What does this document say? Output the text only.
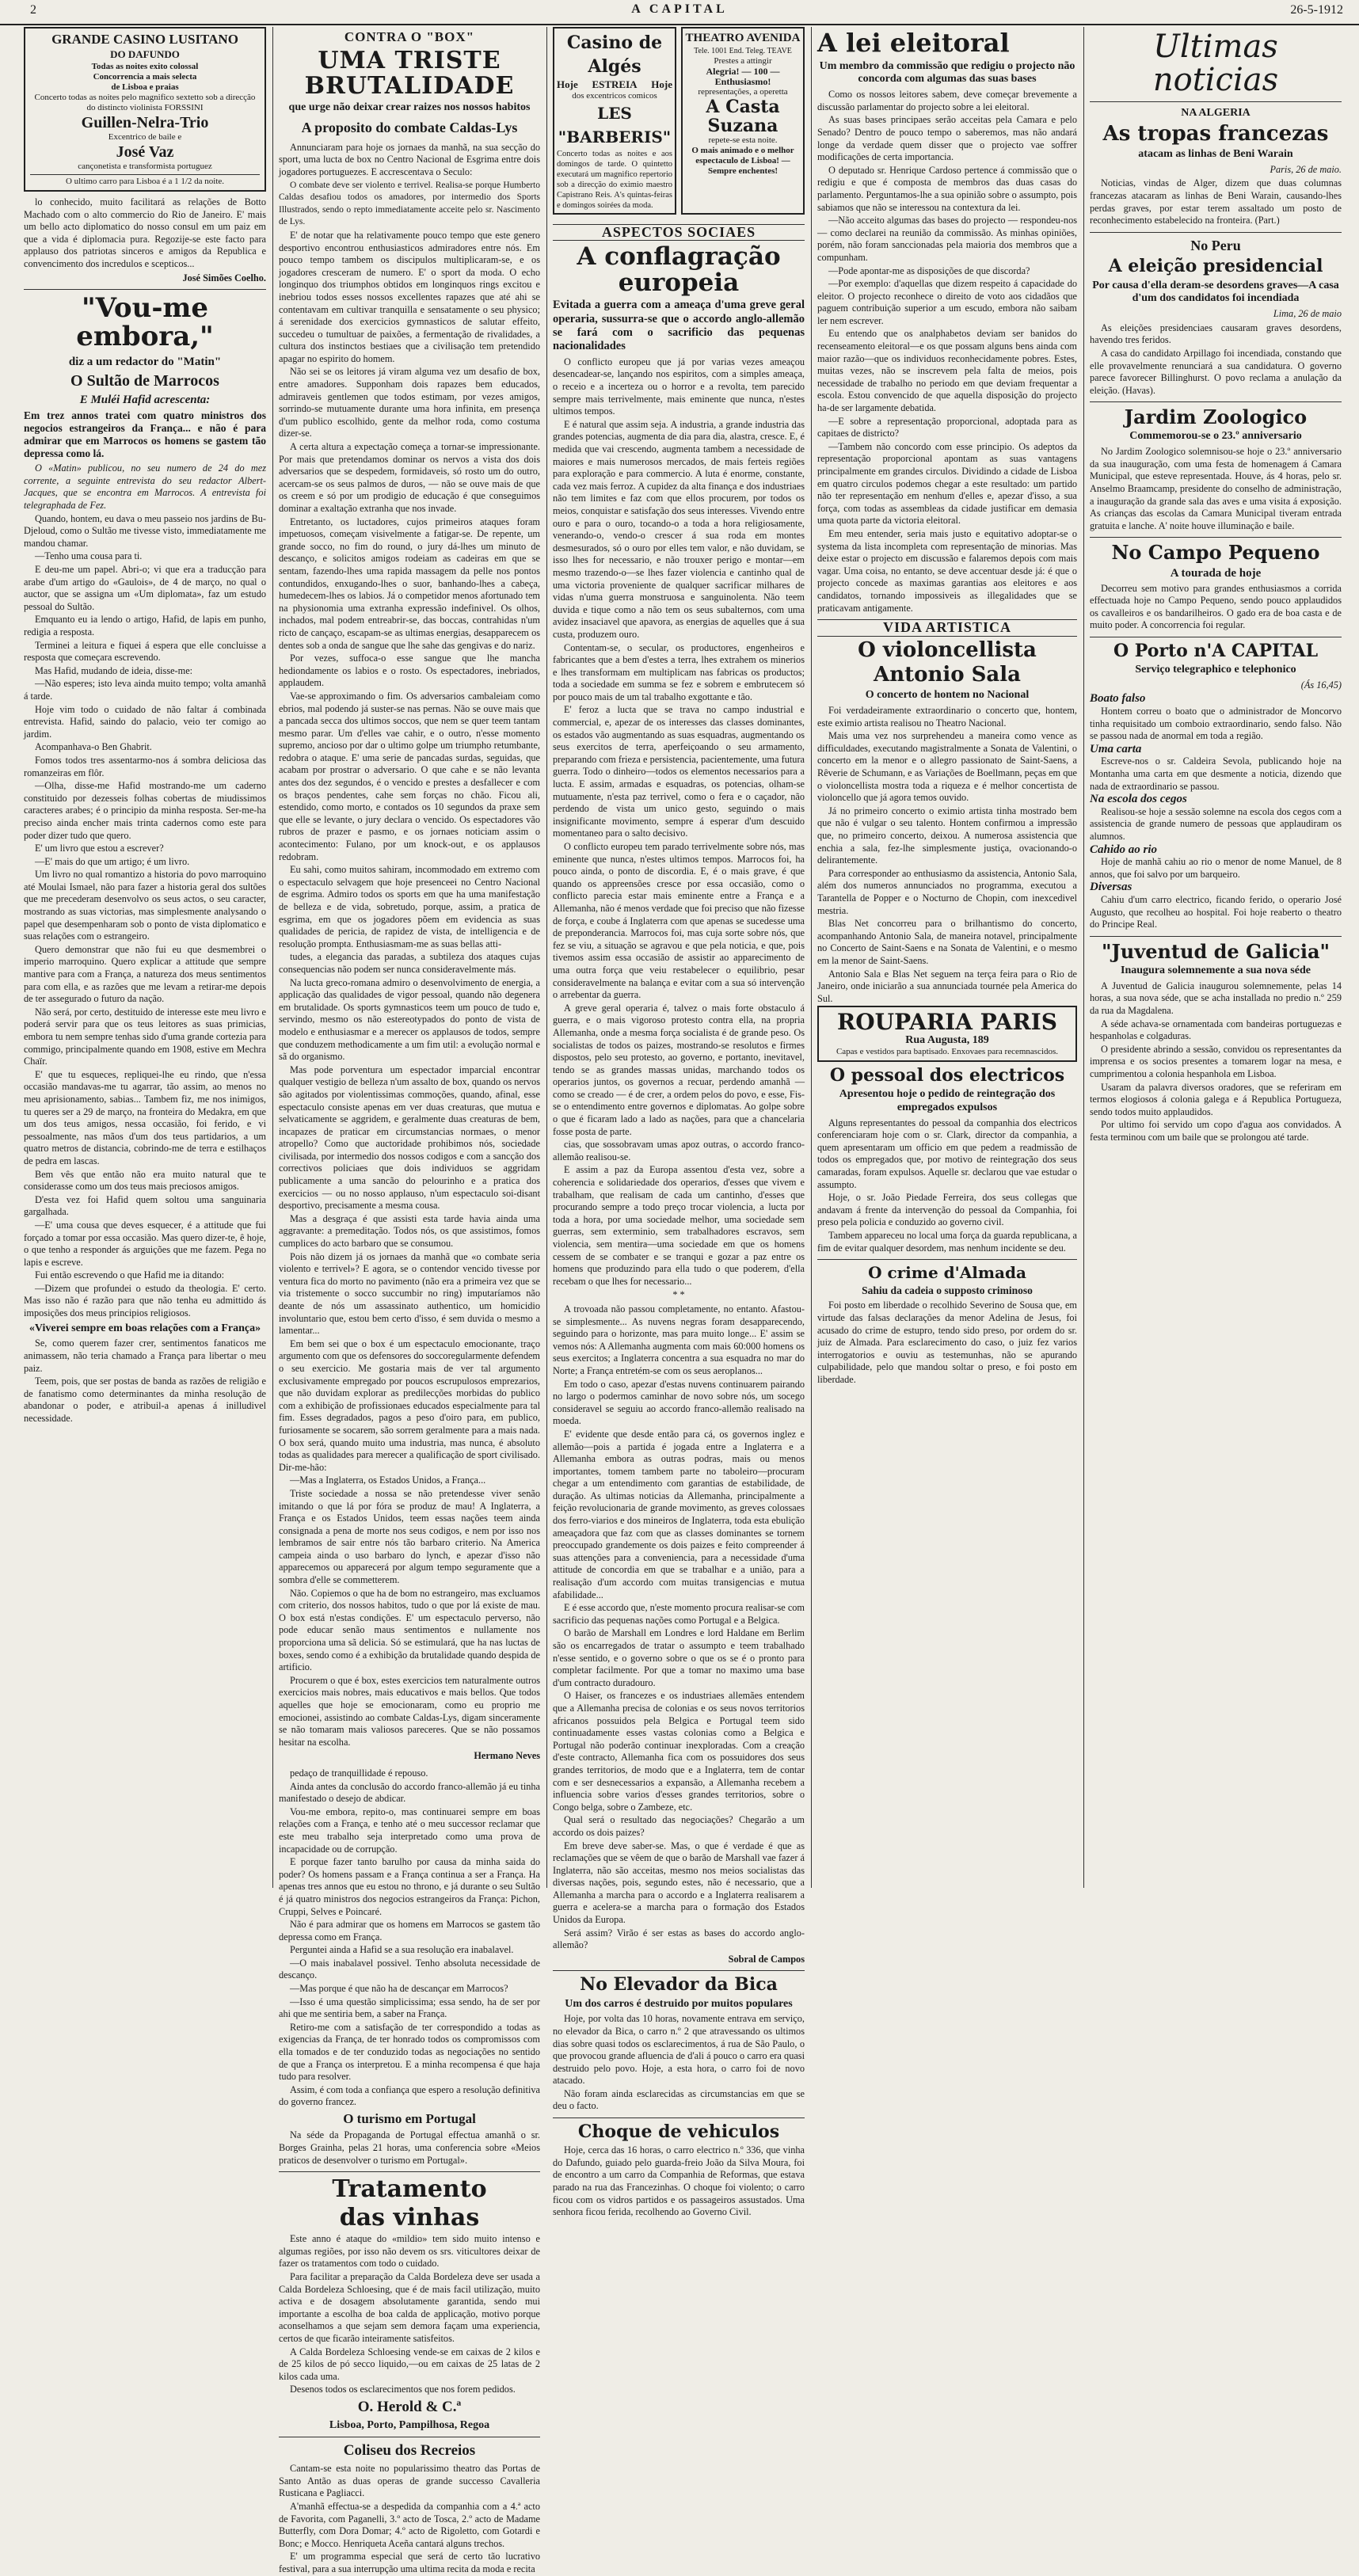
2	A CAPITAL	26-5-1912
GRANDE CASINO LUSITANO
DO DAFUNDO
Todas as noites exito colossal
Concorrencia a mais selecta
de Lisboa e praias
Concerto todas as noites pelo magnifico sextetto sob a direcção do distincto violinista FORSSINI
Guillen-Nelra-Trio
Excentrico de baile e
José Vaz
cançonetista e transformista portuguez
O ultimo carro para Lisboa é a 1 1/2 da noite.

lo conhecido, muito facilitará as relações de Botto Machado com o alto commercio do Rio de Janeiro. E' mais um bello acto diplomatico do nosso consul em um paiz em que a vida é diplomacia pura. Regozije-se este facto para applauso dos patriotas sinceros e amigos da Republica e convencimento dos incredulos e scepticos...

José Simões Coelho.
"Vou-me embora,"
diz a um redactor do "Matin"
O Sultão de Marrocos
E Muléi Hafid acrescenta:
Em trez annos tratei com quatro ministros dos negocios estrangeiros da França... e não é para admirar que em Marrocos os homens se gastem tão depressa como lá.

O «Matin» publicou, no seu numero de 24 do mez corrente, a seguinte entrevista do seu redactor Albert-Jacques, que se encontra em Marrocos. A entrevista foi telegraphada de Fez.

Quando, hontem, eu dava o meu passeio nos jardins de Bu-Djeloud, como o Sultão me tivesse visto, immediatamente me mandou chamar.

—Tenho uma cousa para ti.

E deu-me um papel. Abri-o; vi que era a traducção para arabe d'um artigo do «Gaulois», de 4 de março, no qual o auctor, que se assigna um «Um diplomata», faz um estudo pessoal do Sultão.

Emquanto eu ia lendo o artigo, Hafid, de lapis em punho, redigia a resposta.

Terminei a leitura e fiquei á espera que elle concluisse a resposta que começara escrevendo.

Mas Hafid, mudando de ideia, disse-me:

—Não esperes; isto leva ainda muito tempo; volta amanhã á tarde.

Hoje vim todo o cuidado de não faltar á combinada entrevista. Hafid, saindo do palacio, veio ter comigo ao jardim.

Acompanhava-o Ben Ghabrit.

Fomos todos tres assentarmo-nos á sombra deliciosa das romanzeiras em flôr.

—Olha, disse-me Hafid mostrando-me um caderno constituido por dezesseis folhas cobertas de miudissimos caracteres arabes; é o principio da minha resposta. Ser-me-ha preciso ainda encher mais trinta cadernos como este para poder dizer tudo que quero.

E' um livro que estou a escrever?

—E' mais do que um artigo; é um livro.

Um livro no qual romantizo a historia do povo marroquino até Moulai Ismael, não para fazer a historia geral dos sultões que me precederam desenvolvo os seus actos, o seu caracter, mostrando as suas victorias, mas simplesmente analysando o papel que desempenharam sob o ponto de vista diplomatico e suas relações com o estrangeiro.

Quero demonstrar que não fui eu que desmembrei o imperio marroquino. Quero explicar a attitude que sempre mantive para com a França, a natureza dos meus sentimentos para com ella, e as razões que me levam a retirar-me depois de ter assegurado o futuro da nação.

Não será, por certo, destituido de interesse este meu livro e poderá servir para que os teus leitores as suas primicias, embora tu nem sempre tenhas sido d'uma grande cortezia para commigo, principalmente quando em 1908, estive em Mechra Chaïr.

E' que tu esqueces, repliquei-lhe eu rindo, que n'essa occasião mandavas-me tu agarrar, tão assim, ao menos no meu aprisionamento, sabias... Tambem fiz, me nos inimigos, tu queres ser a 29 de março, na fronteira do Medakra, em que um dos teus amigos, nessa occasião, foi ferido, e vi pessoalmente, nas mãos d'um dos teus partidarios, a um quatro metros de distancia, cobrindo-me de terra e estilhaços de pedra em lascas.

Bem vês que então não era muito natural que te considerasse como um dos teus mais preciosos amigos.

D'esta vez foi Hafid quem soltou uma sanguinaria gargalhada.

—E' uma cousa que deves esquecer, é a attitude que fui forçado a tomar por essa occasião. Mas quero dizer-te, ê hoje, o que tenho a responder ás arguições que me fazem. Pega no lapis e escreve.

Fui então escrevendo o que Hafid me ia ditando:

—Dizem que profundei o estudo da theologia. E' certo. Mas isso não é razão para que não tenha eu admittido ás imposições dos meus principios religiosos.

«Viverei sempre em boas relações com a França»

Se, como querem fazer crer, sentimentos fanaticos me animassem, não teria chamado a França para libertar o meu paiz.

Teem, pois, que ser postas de banda as razões de religião e de fanatismo como determinantes da minha resolução de abandonar o poder, e atribuil-a apenas á inilludivel necessidade.

CONTRA O "BOX"
UMA TRISTE BRUTALIDADE
que urge não deixar crear raizes nos nossos habitos
A proposito do combate Caldas-Lys

Annunciaram para hoje os jornaes da manhã, na sua secção do sport, uma lucta de box no Centro Nacional de Esgrima entre dois jogadores portuguezes. E accrescentava o Seculo:

O combate deve ser violento e terrivel. Realisa-se porque Humberto Caldas desafiou todos os amadores, por intermedio dos Sports Illustrados, sendo o repto immediatamente acceite pelo sr. Nascimento de Lys.

E' de notar que ha relativamente pouco tempo que este genero desportivo encontrou enthusiasticos admiradores entre nós. Em pouco tempo tambem os discipulos multiplicaram-se, e os jogadores cresceram de numero. E' o sport da moda. O echo longinquo dos triumphos obtidos em longinquos rings excitou e inebriou todos esses nossos excellentes rapazes que até ahi se contentavam em cultivar tranquilla e sensatamente o seu physico; á serenidade dos exercicios gymnasticos de salutar effeito, succedeu o tumultuar de paixões, a fermentação de rivalidades, a cultura dos instinctos bestiaes que a civilisação tem pretendido apagar no espirito do homem.

Não sei se os leitores já viram alguma vez um desafio de box, entre amadores. Supponham dois rapazes bem educados, admiraveis gentlemen que todos estimam, por vezes amigos, sorrindo-se mutuamente durante uma hora infinita, em presença d'um publico escolhido, gente da melhor roda, como costuma dizer-se.

A certa altura a expectação começa a tornar-se impressionante. Por mais que pretendamos dominar os nervos a vista dos dois adversarios que se despedem, formidaveis, só rosto um do outro, acercam-se os seus palmos de duros, — não se ouve mais de que os creem e só por um prodigio de educação é que conseguimos dominar a exaltação extranha que nos invade.

Entretanto, os luctadores, cujos primeiros ataques foram impetuosos, começam visivelmente a fatigar-se. De repente, um grande socco, no fim do round, o jury dá-lhes um minuto de descanço, e solicitos amigos rodeiam as cadeiras em que se sentam, fazendo-lhes uma rapida massagem da pelle nos pontos contundidos, enxugando-lhes o suor, banhando-lhes a cabeça, humedecem-lhes os labios. Já o competidor menos afortunado tem na physionomia uma extranha expressão indefinivel. Os olhos, inchados, mal podem entreabrir-se, das boccas, contrahidas n'um ricto de cançaço, escapam-se as ultimas energias, desapparecem os dentes sob a onda de sangue que lhe sahe das gengivas e do nariz.

Por vezes, suffoca-o esse sangue que lhe mancha hediondamente os labios e o rosto. Os espectadores, inebriados, applaudem.

Vae-se approximando o fim. Os adversarios cambaleiam como ebrios, mal podendo já suster-se nas pernas. Não se ouve mais que a pancada secca dos ultimos soccos, que nem se quer teem tantam mesmo parar. Um d'elles vae cahir, e o outro, n'esse momento supremo, ancioso por dar o ultimo golpe um triumpho retumbante, redobra o ataque. E' uma serie de pancadas surdas, seguidas, que acabam por prostrar o adversario. O que cahe e se não levanta antes dos dez segundos, é o vencido e prestes a desfallecer e com os braços pendentes, cahe sem forças no chão. Ficou ali, estendido, como morto, e contados os 10 segundos da praxe sem que elle se levante, o jury declara o vencido. Os espectadores vão rubros de prazer e pasmo, e os jornaes noticiam assim o acontecimento: Fulano, por um knock-out, e os applausos redobram.

Eu sahi, como muitos sahiram, incommodado em extremo com o espectaculo selvagem que hoje presenceei no Centro Nacional de esgrima. Admiro todos os sports em que ha uma manifestação de belleza e de vida, sobretudo, porque, assim, a pratica de esgrima, em que os jogadores põem em evidencia as suas qualidades de pericia, de rapidez de vista, de intelligencia e de resolução prompta. Enthusiasmam-me as suas bellas atti-

tudes, a elegancia das paradas, a subtileza dos ataques cujas consequencias não podem ser nunca consideravelmente más.

Na lucta greco-romana admiro o desenvolvimento de energia, a applicação das qualidades de vigor pessoal, quando não degenera em brutalidade. Os sports gymnasticos teem um pouco de tudo e, servindo, mesmo os não estereotypados do ponto de vista de modelo e enthusiasmar e a merecer os applausos de todos, sempre que conduzem methodicamente a um fim util: a evolução normal e sã do organismo.

Mas pode porventura um espectador imparcial encontrar qualquer vestigio de belleza n'um assalto de box, quando os nervos são agitados por violentissimas commoções, quando, afinal, esse espectaculo consiste apenas em ver duas creaturas, que mutua e selvaticamente se aggridem, e geralmente duas creaturas de bem, incapazes de praticar em circumstancias normaes, o menor atropello? Como que auctoridade prohibimos nós, sociedade civilisada, por intermedio dos nossos codigos e com a sancção dos correctivos policiaes que dois individuos se aggridam publicamente a uma sancão do pelourinho e a pratica dos exercicios — ou no nosso applauso, n'um espectaculo soi-disant desportivo, precisamente a mesma cousa.

Mas a desgraça é que assisti esta tarde havia ainda uma aggravante: a premeditação. Todos nós, os que assistimos, fomos cumplices do acto barbaro que se consumou.

Pois não dizem já os jornaes da manhã que «o combate seria violento e terrivel»? E agora, se o contendor vencido tivesse por ventura fica do morto no pavimento (não era a primeira vez que se via tristemente o socco succumbir no ring) imputaríamos não deante de nós um assassinato authentico, um homicidio involuntario que, estou bem certo d'isso, é sem duvida o mesmo a lamentar...

Em bem sei que o box é um espectaculo emocionante, traço argumento com que os defensores do soccoregularmente defendem o seu exercicio. Me gostaria mais de ver tal argumento exclusivamente empregado por poucos escrupulosos emprezarios, que não duvidam explorar as predilecções morbidas do publico com a exhibição de profissionaes educados especialmente para tal fim. Esses degradados, pagos a peso d'oiro para, em publico, furiosamente se socarem, são sorrem geralmente para a mais nada. O box será, quando muito uma industria, mas nunca, é absoluto todas as qualidades para merecer a qualificação de sport civilisado. Dir-me-hão:

—Mas a Inglaterra, os Estados Unidos, a França...

Triste sociedade a nossa se não pretendesse viver senão imitando o que lá por fóra se produz de mau! A Inglaterra, a França e os Estados Unidos, teem essas nações teem ainda consignada a pena de morte nos seus codigos, e nem por isso nos lembramos de sair entre nós tão barbaro criterio. Na America campeia ainda o uso barbaro do lynch, e apezar d'isso não apparecemos ou apparecerá por algum tempo seguramente que a sombra d'elle se commetterem.

Não. Copiemos o que ha de bom no estrangeiro, mas excluamos com criterio, dos nossos habitos, tudo o que por lá existe de mau. O box está n'estas condições. E' um espectaculo perverso, não pode educar senão maus sentimentos e nullamente nos proporciona uma sã delicia. Só se estimulará, que ha nas luctas de boxes, sendo como é a exhibição da brutalidade quando despida de artificio.

Procurem o que é box, estes exercicios tem naturalmente outros exercicios mais nobres, mais educativos e mais bellos. Que todos aquelles que hoje se emocionaram, como eu proprio me emocionei, assistindo ao combate Caldas-Lys, digam sinceramente se não tomaram mais valiosos pareceres. Que se não possamos hesitar na escolha.

Hermano Neves

pedaço de tranquillidade é repouso.

Ainda antes da conclusão do accordo franco-allemão já eu tinha manifestado o desejo de abdicar.

Vou-me embora, repito-o, mas continuarei sempre em boas relações com a França, e tenho até o meu successor reclamar que este meu trabalho seja interpretado como uma prova de incapacidade ou de corrupção.

E porque fazer tanto barulho por causa da minha saida do poder? Os homens passam e a França continua a ser a França. Ha apenas tres annos que eu estou no throno, e já durante o seu Sultão é já quatro ministros dos negocios estrangeiros da França: Pichon, Cruppi, Selves e Poincaré.

Não é para admirar que os homens em Marrocos se gastem tão depressa como em França.

Perguntei ainda a Hafid se a sua resolução era inabalavel.

—O mais inabalavel possivel. Tenho absoluta necessidade de descanço.

—Mas porque é que não ha de descançar em Marrocos?

—Isso é uma questão simplicissima; essa sendo, ha de ser por ahi que me sentiria bem, a saber na França.

Retiro-me com a satisfação de ter correspondido a todas as exigencias da França, de ter honrado todos os compromissos com ella tomados e de ter conduzido todas as negociações no sentido de que a França os interpretou. E a minha recompensa é que haja tudo para resolver.

Assim, é com toda a confiança que espero a resolução definitiva do governo francez.

O turismo em Portugal

Na séde da Propaganda de Portugal effectua amanhã o sr. Borges Grainha, pelas 21 horas, uma conferencia sobre «Meios praticos de desenvolver o turismo em Portugal».

Tratamento
das vinhas

Este anno é ataque do «mildio» tem sido muito intenso e algumas regiões, por isso não devem os srs. viticultores deixar de fazer os tratamentos com todo o cuidado.

Para facilitar a preparação da Calda Bordeleza deve ser usada a Calda Bordeleza Schloesing, que é de mais facil utilização, muito activa e de dosagem absolutamente garantida, sendo mui importante a escolha de boa calda de applicação, motivo porque aconselhamos a que sejam sem demora façam uma experiencia, certos de que ficarão inteiramente satisfeitos.

A Calda Bordeleza Schloesing vende-se em caixas de 2 kilos e de 25 kilos de pó secco liquido,—ou em caixas de 25 latas de 2 kilos cada uma.

Desenos todos os esclarecimentos que nos forem pedidos.

O. Herold & C.ª
Lisboa, Porto, Pampilhosa, Regoa
Coliseu dos Recreios

Cantam-se esta noite no popularissimo theatro das Portas de Santo Antão as duas operas de grande successo Cavalleria Rusticana e Pagliacci.

A'manhã effectua-se a despedida da companhia com a 4.ª acto de Favorita, com Paganelli, 3.º acto de Tosca, 2.º acto de Madame Butterfly, com Dora Domar; 4.º acto de Rigoletto, com Gotardi e Bonc; e Mocco. Henriqueta Aceña cantará alguns trechos.

E' um programma especial que será de certo tão lucrativo festival, para a sua interrupção uma ultima recita da moda e recita

Casino de Algés
Hoje ESTREIA Hoje
dos excentricos comicos
LES "BARBERIS"
Concerto todas as noites e aos domingos de tarde. O quintetto executará um magnifico repertorio sob a direcção do eximio maestro Capistrano Reis. A's quintas-feiras e domingos soirées da moda.
THEATRO AVENIDA
Tele. 1001 End. Teleg. TEAVE
Prestes a attingir
Alegria! — 100 — Enthusiasmo!
representações, a operetta
A Casta
Suzana
repete-se esta noite.
O mais animado e o melhor espectaculo de Lisboa! —Sempre enchentes!
ASPECTOS SOCIAES
A conflagração europeia
Evitada a guerra com a ameaça d'uma greve geral operaria, sussurra-se que o accordo anglo-allemão se fará com o sacrificio das pequenas nacionalidades

O conflicto europeu que já por varias vezes ameaçou desencadear-se, lançando nos espiritos, com a simples ameaça, o receio e a incerteza ou o horror e a revolta, tem parecido sempre mais terrivelmente, mais eminente que nunca, n'estes ultimos tempos.

E é natural que assim seja. A industria, a grande industria das grandes potencias, augmenta de dia para dia, alastra, cresce. E, é medida que vai crescendo, augmenta tambem a necessidade de maiores e mais numerosos mercados, de mais ferteis regiões para exploração e para commercio. A luta é enorme, constante, cada vez mais ferroz. A cupidez da alta finança e dos industriaes não tem limites e faz com que ellos procurem, por todos os meios, conquistar e satisfação dos seus interesses. Vivendo entre ouro e para o ouro, tocando-o a toda a hora religiosamente, venerando-o, vendo-o crescer á sua roda em montes desmesurados, só o ouro por elles tem valor, e não duvidam, se isso lhes for necessario, e não trouxer perigo e montar—em mesmo trazendo-o—se lhes fazer violencia e cantinho qual de uma victoria proveniente de qualquer sacrificar milhares de vidas n'uma guerra monstruosa e sanguinolenta. Não teem duvida e tique como a não tem os seus subalternos, com uma avidez insaciavel que apavora, as energias de aquelles que á sua custa, produzem ouro.

Contentam-se, o secular, os productores, engenheiros e fabricantes que a bem d'estes a terra, lhes extrahem os minerios e lhes transformam em multiplicam nas fabricas os productos; toda a sociedade em summa se fez e sobrem e embrutecem só por pouco mais de um tal trabalho exgottante e tão.

E' feroz a lucta que se trava no campo industrial e commercial, e, apezar de os interesses das classes dominantes, os estados vão augmentando as suas esquadras, augmentando os seus exercitos de terra, aperfeiçoando o seu armamento, preparando com frieza e persistencia, pacientemente, uma futura guerra. Todo o dinheiro—todos os elementos necessarios para a lucta. E assim, armadas e esquadras, os potencias, olham-se mutuamente, n'esta paz terrivel, como o fera e o caçador, não perdendo de vista um unico gesto, seguindo o mais insignificante movimento, sempre á esperar d'um descuido momentaneo para o salto decisivo.

O conflicto europeu tem parado terrivelmente sobre nós, mas eminente que nunca, n'estes ultimos tempos. Marrocos foi, ha pouco ainda, o ponto de discordia. E, é o mais grave, é que quando os appreensões cresce por essa occasião, como o conflicto parecia estar mais eminente entre a França e a Allemanha, não é menos verdade que foi preciso que não fizesse de força, e coube á Inglaterra com que apenas se sucedesse uma de preponderancia. Marrocos foi, mas cuja sorte sobre nós, que fez se viu, a situação se agravou e que pela noticia, e que, pois tivemos assim essa occasião de assistir ao apparecimento de uma outra força que veiu restabelecer o equilibrio, pesar consideravelmente na balança e evitar com a sua só intervenção o arrebentar da guerra.

A greve geral operaria é, talvez o mais forte obstaculo á guerra, e o mais vigoroso protesto contra ella, na propria Allemanha, onde a mesma força socialista é de grande peso. Os socialistas de todos os paizes, mostrando-se resolutos e firmes dispostos, pelo seu protesto, ao governo, e portanto, inevitavel, tendo se as grandes massas unidas, marchando todos os operarios juntos, os governos a recuar, perdendo amanhã — como se creado — é de crer, a ordem pelos do povo, e esse, Fis-se o entendimento entre governos e diplomatas. Ao golpe sobre o que é ficaram lado a lado as nações, para que a chancelaria fosse posta de parte.

cias, que sossobravam umas apoz outras, o accordo franco-allemão realisou-se.

E assim a paz da Europa assentou d'esta vez, sobre a coherencia e solidariedade dos operarios, d'esses que vivem e trabalham, que realisam de cada um cantinho, d'esses que procurando sempre a todo preço trocar violencia, a lucta por toda a hora, por uma sociedade melhor, uma sociedade sem guerras, sem exterminio, sem trabalhadores escravos, sem violencia, sem mentira—uma sociedade em que os homens cessem de se combater e se tranqui e gozar a paz entre os homens que produzindo para ella tudo o que poderem, d'ella recebam o que lhes for necessario...

* *

A trovoada não passou completamente, no entanto. Afastou-se simplesmente... As nuvens negras foram desapparecendo, seguindo para o horizonte, mas para muito longe... E' assim se vemos nós: A Allemanha augmenta com mais 60:000 homens os seus exercitos; a Inglaterra concentra a sua esquadra no mar do Norte; a França entretém-se com os seus aeroplanos...

Em todo o caso, apezar d'estas nuvens continuarem pairando no largo o podermos caminhar de novo sobre nós, um socego consideravel se seguiu ao accordo franco-allemão realisado na moeda.

E' evidente que desde então para cá, os governos inglez e allemão—pois a partida é jogada entre a Inglaterra e a Allemanha embora as outras podras, mais ou menos importantes, tomem tambem parte no taboleiro—procuram chegar a um entendimento com garantias de estabilidade, de duração. As ultimas noticias da Allemanha, principalmente a feição revolucionaria de grande movimento, as greves colossaes dos ferro-viarios e dos mineiros de Inglaterra, toda esta ebulição ameaçadora que faz com que as classes dominantes se tornem preoccupado grandemente os dois paizes e feito compreender á suas attenções para a conveniencia, para a necessidade d'uma attitude de concordia em que se trabalhar e a união, para a realisação d'um accordo com muitas transigencias e mutua afabilidade...

E é esse accordo que, n'este momento procura realisar-se com sacrificio das pequenas nações como Portugal e a Belgica.

O barão de Marshall em Londres e lord Haldane em Berlim são os encarregados de tratar o assumpto e teem trabalhado n'esse sentido, e o governo sobre o que os se é o pronto para completar facilmente. Por que a tomar no maximo uma base d'um contracto duradouro.

O Haiser, os francezes e os industriaes allemães entendem que a Allemanha precisa de colonias e os seus novos territorios africanos possuidos pela Belgica e Portugal teem sido continuadamente esses vastas colonias como a Belgica e Portugal não poderão continuar inexploradas. Com a creação d'este contracto, Allemanha fica com os possuidores dos seus grandes territorios, de modo que e a Inglaterra, tem de contar com e ser desnecessarios a expansão, a Allemanha recebem a influencia sobre varios d'esses grandes territorios, sobre o Congo belga, sobre o Zambeze, etc.

Qual será o resultado das negociações? Chegarão a um accordo os dois paizes?

Em breve deve saber-se. Mas, o que é verdade é que as reclamações que se vêem de que o barão de Marshall vae fazer á Inglaterra, não são acceitas, mesmo nos meios socialistas das diversas nações, pois, segundo estes, não é necessario, que a Allemanha a marcha para o accordo e a Inglaterra realisarem a guerra e acelera-se a marcha para o formação dos Estados Unidos da Europa.

Será assim? Virão é ser estas as bases do accordo anglo-allemão?

Sobral de Campos
No Elevador da Bica
Um dos carros é destruido por muitos populares

Hoje, por volta das 10 horas, novamente entrava em serviço, no elevador da Bica, o carro n.º 2 que atravessando os ultimos dias sobre quasi todos os esclarecimentos, á rua de São Paulo, o que provocou grande afluencia de d'ali á pouco o carro era quasi destruido pelo povo. Hoje, a esta hora, o carro foi de novo atacado.

Não foram ainda esclarecidas as circumstancias em que se deu o facto.

Choque de vehiculos

Hoje, cerca das 16 horas, o carro electrico n.º 336, que vinha do Dafundo, guiado pelo guarda-freio João da Silva Moura, foi de encontro a um carro da Companhia de Reformas, que estava parado na rua das Francezinhas. O choque foi violento; o carro ficou com os vidros partidos e os passageiros assustados. Uma senhora ficou ferida, recolhendo ao Governo Civil.

A lei eleitoral
Um membro da commissão que redigiu o projecto não concorda com algumas das suas bases

Como os nossos leitores sabem, deve começar brevemente a discussão parlamentar do projecto sobre a lei eleitoral.

As suas bases principaes serão acceitas pela Camara e pelo Senado? Dentro de pouco tempo o saberemos, mas não andará longe da verdade quem disser que o projecto vae soffrer modificações de certa importancia.

O deputado sr. Henrique Cardoso pertence á commissão que o redigiu e que é composta de membros das duas casas do parlamento. Perguntamos-lhe a sua opinião sobre o assumpto, pois sabiamos que não se interessou na contextura da lei.

—Não acceito algumas das bases do projecto — respondeu-nos — como declarei na reunião da commissão. As minhas opiniões, porém, não foram sanccionadas pela maioria dos membros que a compunham.

—Pode apontar-me as disposições de que discorda?

—Por exemplo: d'aquellas que dizem respeito á capacidade do eleitor. O projecto reconhece o direito de voto aos cidadãos que paguem contribuição superior a um escudo, embora não saibam ler nem escrever.

Eu entendo que os analphabetos deviam ser banidos do recenseamento eleitoral—e os que possam alguns bens ainda com maior razão—que os individuos reconhecidamente pobres. Estes, muitas vezes, não se inscrevem pela falta de meios, pois necessidade de trabalho no periodo em que deviam frequentar a escola. Estou convencido de que aquella disposição do projecto ha-de ser largamente debatida.

—E sobre a representação proporcional, adoptada para as capitaes de districto?

—Tambem não concordo com esse principio. Os adeptos da representação proporcional apontam as suas vantagens principalmente em grandes circulos. Dividindo a cidade de Lisboa em quatro circulos podemos chegar a este resultado: um partido não ter representação em nenhum d'elles e, apezar d'isso, a sua força, com todas as assembleas da cidade justificar em demasia uma quota parte da victoria eleitoral.

Em meu entender, seria mais justo e equitativo adoptar-se o systema da lista incompleta com representação de minorias. Mas deixe estar o projecto em discussão e falaremos depois com mais vagar. Uma coisa, no entanto, se deve accentuar desde já: é que o projecto concede as maximas garantias aos eleitores e aos candidatos, tornando impossiveis as illegalidades que se praticavam antigamente.

VIDA ARTISTICA
O violoncellista
Antonio Sala
O concerto de hontem no Nacional

Foi verdadeiramente extraordinario o concerto que, hontem, este eximio artista realisou no Theatro Nacional.

Mais uma vez nos surprehendeu a maneira como vence as difficuldades, executando magistralmente a Sonata de Valentini, o concerto em la menor e o allegro passionato de Saint-Saens, a Rêverie de Schumann, e as Variações de Boellmann, peças em que o violoncellista mostra toda a riqueza e é melhor concertista de violoncello que já agora temos ouvido.

Já no primeiro concerto o eximio artista tinha mostrado bem que não é vulgar o seu talento. Hontem confirmou a impressão que, no primeiro concerto, deixou. A numerosa assistencia que enchia a sala, fez-lhe simplesmente justiça, ovacionando-o delirantemente.

Para corresponder ao enthusiasmo da assistencia, Antonio Sala, além dos numeros annunciados no programma, executou a Tarantella de Popper e o Nocturno de Chopin, com inexcedivel mestria.

Blas Net concorreu para o brilhantismo do concerto, acompanhando Antonio Sala, de maneira notavel, principalmente no Concerto de Saint-Saens e na Sonata de Valentini, e o mesmo em la menor de Saint-Saens.

Antonio Sala e Blas Net seguem na terça feira para o Rio de Janeiro, onde iniciarão a sua annunciada tournée pela America do Sul.

ROUPARIA PARIS
Rua Augusta, 189
Capas e vestidos para baptisado. Enxovaes para recemnascidos.
O pessoal dos electricos
Apresentou hoje o pedido de reintegração dos empregados expulsos

Alguns representantes do pessoal da companhia dos electricos conferenciaram hoje com o sr. Clark, director da companhia, a quem apresentaram um officio em que pedem a readmissão de todos os empregados que, por motivo de reintegração dos seus camaradas, foram expulsos. Aquelle sr. declarou que vae estudar o assumpto.

Hoje, o sr. João Piedade Ferreira, dos seus collegas que andavam á frente da intervenção do pessoal da Companhia, foi preso pela policia e conduzido ao governo civil.

Tambem appareceu no local uma força da guarda republicana, a fim de evitar qualquer desordem, mas nenhum incidente se deu.

O crime d'Almada
Sahiu da cadeia o supposto criminoso

Foi posto em liberdade o recolhido Severino de Sousa que, em virtude das falsas declarações da menor Adelina de Jesus, foi acusado do crime de estupro, tendo sido preso, por ordem do sr. juiz de Almada. Para esclarecimento do caso, o juiz fez varios interrogatorios e ouviu as testemunhas, não se apurando culpabilidade, pelo que mandou soltar o preso, e foi posto em liberdade.

Ultimas noticias
NA ALGERIA
As tropas francezas
atacam as linhas de Beni Warain
Paris, 26 de maio.

Noticias, vindas de Alger, dizem que duas columnas francezas atacaram as linhas de Beni Warain, causando-lhes perdas graves, por estar terem assaltado um posto de reconhecimento estabelecido na fronteira. (Part.)

No Peru
A eleição presidencial
Por causa d'ella deram-se desordens graves—A casa d'um dos candidatos foi incendiada
Lima, 26 de maio

As eleições presidenciaes causaram graves desordens, havendo tres feridos.

A casa do candidato Arpillago foi incendiada, constando que elle provavelmente renunciará a sua candidatura. O governo parece favorecer Billinghurst. O povo reclama a anulação da eleição. (Havas).

Jardim Zoologico
Commemorou-se o 23.º anniversario

No Jardim Zoologico solemnisou-se hoje o 23.º anniversario da sua inauguração, com uma festa de homenagem á Camara Municipal, que esteve representada. Houve, ás 4 horas, pelo sr. Anselmo Braamcamp, presidente do conselho de administração, a inauguração da grande sala das aves e uma visita á exposição. As crianças das escolas da Camara Municipal tiveram entrada gratuita e lanche. A' noite houve illuminação e baile.

No Campo Pequeno
A tourada de hoje

Decorreu sem motivo para grandes enthusiasmos a corrida effectuada hoje no Campo Pequeno, sendo pouco applaudidos os cavalleiros e os bandarilheiros. O gado era de boa casta e de muito poder. A concorrencia foi regular.

O Porto n'A CAPITAL
Serviço telegraphico e telephonico
(Ás 16,45)
Boato falso

Hontem correu o boato que o administrador de Moncorvo tinha requisitado um comboio extraordinario, sendo falso. Não se passou nada de anormal em toda a região.

Uma carta

Escreve-nos o sr. Caldeira Sevola, publicando hoje na Montanha uma carta em que desmente a noticia, dizendo que nada de extraordinario se passou.

Na escola dos cegos

Realisou-se hoje a sessão solemne na escola dos cegos com a assistencia de grande numero de pessoas que applaudiram os alumnos.

Cahido ao rio

Hoje de manhã cahiu ao rio o menor de nome Manuel, de 8 annos, que foi salvo por um barqueiro.

Diversas

Cahiu d'um carro electrico, ficando ferido, o operario José Augusto, que recolheu ao hospital. Foi hoje reaberto o theatro do Principe Real.

"Juventud de Galicia"
Inaugura solemnemente a sua nova séde

A Juventud de Galicia inaugurou solemnemente, pelas 14 horas, a sua nova séde, que se acha installada no predio n.º 259 da rua da Magdalena.

A séde achava-se ornamentada com bandeiras portuguezas e hespanholas e colgaduras.

O presidente abrindo a sessão, convidou os representantes da imprensa e os socios presentes a tomarem logar na mesa, e cumprimentou a colonia hespanhola em Lisboa.

Usaram da palavra diversos oradores, que se referiram em termos elogiosos á colonia galega e á Republica Portugueza, sendo todos muito applaudidos.

Por ultimo foi servido um copo d'agua aos convidados. A festa terminou com um baile que se prolongou até tarde.
